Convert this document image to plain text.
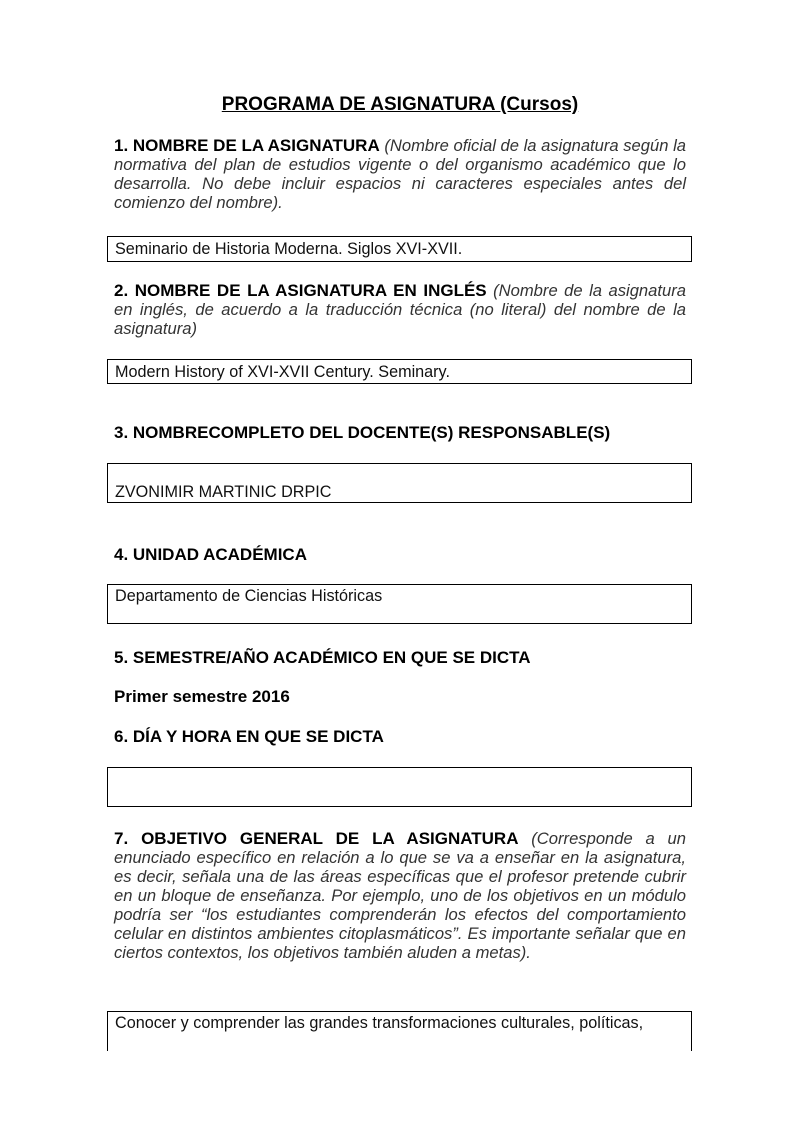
PROGRAMA DE ASIGNATURA (Cursos)
1. NOMBRE DE LA ASIGNATURA (Nombre oficial de la asignatura según la normativa del plan de estudios vigente o del organismo académico que lo desarrolla. No debe incluir espacios ni caracteres especiales antes del comienzo del nombre).
Seminario de Historia Moderna. Siglos XVI-XVII.
2. NOMBRE DE LA ASIGNATURA EN INGLÉS (Nombre de la asignatura en inglés, de acuerdo a la traducción técnica (no literal) del nombre de la asignatura)
Modern History of XVI-XVII Century. Seminary.
3. NOMBRECOMPLETO DEL DOCENTE(S) RESPONSABLE(S)
ZVONIMIR MARTINIC DRPIC
4. UNIDAD ACADÉMICA
Departamento de Ciencias Históricas
5. SEMESTRE/AÑO ACADÉMICO EN QUE SE DICTA
Primer semestre 2016
6. DÍA Y HORA EN QUE SE DICTA
7. OBJETIVO GENERAL DE LA ASIGNATURA (Corresponde a un enunciado específico en relación a lo que se va a enseñar en la asignatura, es decir, señala una de las áreas específicas que el profesor pretende cubrir en un bloque de enseñanza. Por ejemplo, uno de los objetivos en un módulo podría ser “los estudiantes comprenderán los efectos del comportamiento celular en distintos ambientes citoplasmáticos”. Es importante señalar que en ciertos contextos, los objetivos también aluden a metas).
Conocer y comprender las grandes transformaciones culturales, políticas,
